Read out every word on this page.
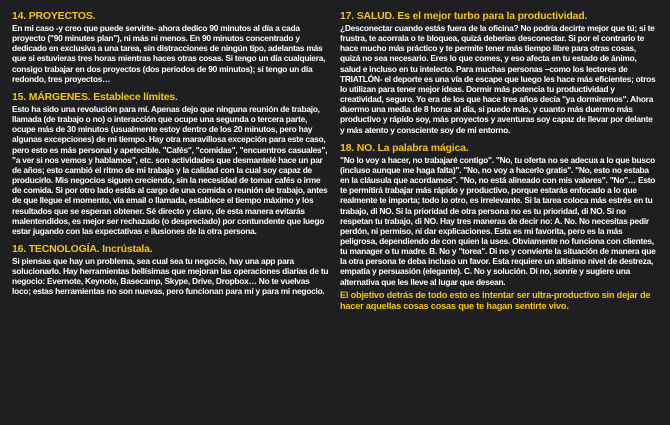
14. PROYECTOS.

En mi caso -y creo que puede servirte- ahora dedico 90 minutos al día a cada proyecto ("90 minutes plan"), ni más ni menos. En 90 minutos concentrado y dedicado en exclusiva a una tarea, sin distracciones de ningún tipo, adelantas más que si estuvieras tres horas mientras haces otras cosas. Si tengo un día cualquiera, consigo trabajar en dos proyectos (dos periodos de 90 minutos); si tengo un día redondo, tres proyectos…

15. MÁRGENES. Establece límites.

Esto ha sido una revolución para mí. Apenas dejo que ninguna reunión de trabajo, llamada (de trabajo o no) o interacción que ocupe una segunda o tercera parte, ocupe más de 30 minutos (usualmente estoy dentro de los 20 minutos, pero hay algunas excepciones) de mi tiempo. Hay otra maravillosa excepción para este caso, pero esto es más personal y apetecible. "Cafés", "comidas", "encuentros casuales", "a ver si nos vemos y hablamos", etc. son actividades que desmantelé hace un par de años; esto cambió el ritmo de mi trabajo y la calidad con la cual soy capaz de producirlo. Mis negocios siguen creciendo, sin la necesidad de tomar cafés o irme de comida. Si por otro lado estás al cargo de una comida o reunión de trabajo, antes de que llegue el momento, vía email o llamada, establece el tiempo máximo y los resultados que se esperan obtener. Sé directo y claro, de esta manera evitarás malentendidos, es mejor ser rechazado (o despreciado) por contundente que luego estar jugando con las expectativas e ilusiones de la otra persona.

16. TECNOLOGÍA. Incrústala.

Si piensas que hay un problema, sea cual sea tu negocio, hay una app para solucionarlo. Hay herramientas bellísimas que mejoran las operaciones diarias de tu negocio: Evernote, Keynote, Basecamp, Skype, Drive, Dropbox… No te vuelvas loco; estas herramientas no son nuevas, pero funcionan para mí y para mi negocio.

17. SALUD. Es el mejor turbo para la productividad.

¿Desconectar cuando estás fuera de la oficina? No podría decirte mejor que tú; si te frustra, te acorrala o te bloquea, quizá deberías desconectar. Si por el contrario te hace mucho más práctico y te permite tener más tiempo libre para otras cosas, quizá no sea necesario. Eres lo que comes, y eso afecta en tu estado de ánimo, salud e incluso en tu intelecto. Para muchas personas –como los lectores de TRIATLÓN- el deporte es una vía de escape que luego les hace más eficientes; otros lo utilizan para tener mejor ideas. Dormir más potencia tu productividad y creatividad, seguro. Yo era de los que hace tres años decía "ya dormiremos". Ahora duermo una media de 8 horas al día, si puedo más, y cuanto más duermo más productivo y rápido soy, más proyectos y aventuras soy capaz de llevar por delante y más atento y consciente soy de mi entorno.

18. NO. La palabra mágica.

"No lo voy a hacer, no trabajaré contigo". "No, tu oferta no se adecua a lo que busco (incluso aunque me haga falta)". "No, no voy a hacerlo gratis". "No, esto no estaba en la cláusula que acordamos". "No, no está alineado con mis valores". "No"… Esto te permitirá trabajar más rápido y productivo, porque estarás enfocado a lo que realmente te importa; todo lo otro, es irrelevante. Si la tarea coloca más estrés en tu trabajo, di NO. Si la prioridad de otra persona no es tu prioridad, di NO. Si no respetan tu trabajo, di NO. Hay tres maneras de decir no: A. No. No necesitas pedir perdón, ni permiso, ni dar explicaciones. Esta es mi favorita, pero es la más peligrosa, dependiendo de con quien la uses. Obviamente no funciona con clientes, tu manager o tu madre. B. No y "torea". Di no y convierte la situación de manera que la otra persona te deba incluso un favor. Esta requiere un altísimo nivel de destreza, empatía y persuasión (elegante). C. No y solución. Di no, sonríe y sugiere una alternativa que les lleve al lugar que desean.

El objetivo detrás de todo esto es intentar ser ultra-productivo sin dejar de hacer aquellas cosas cosas que te hagan sentirte vivo.
